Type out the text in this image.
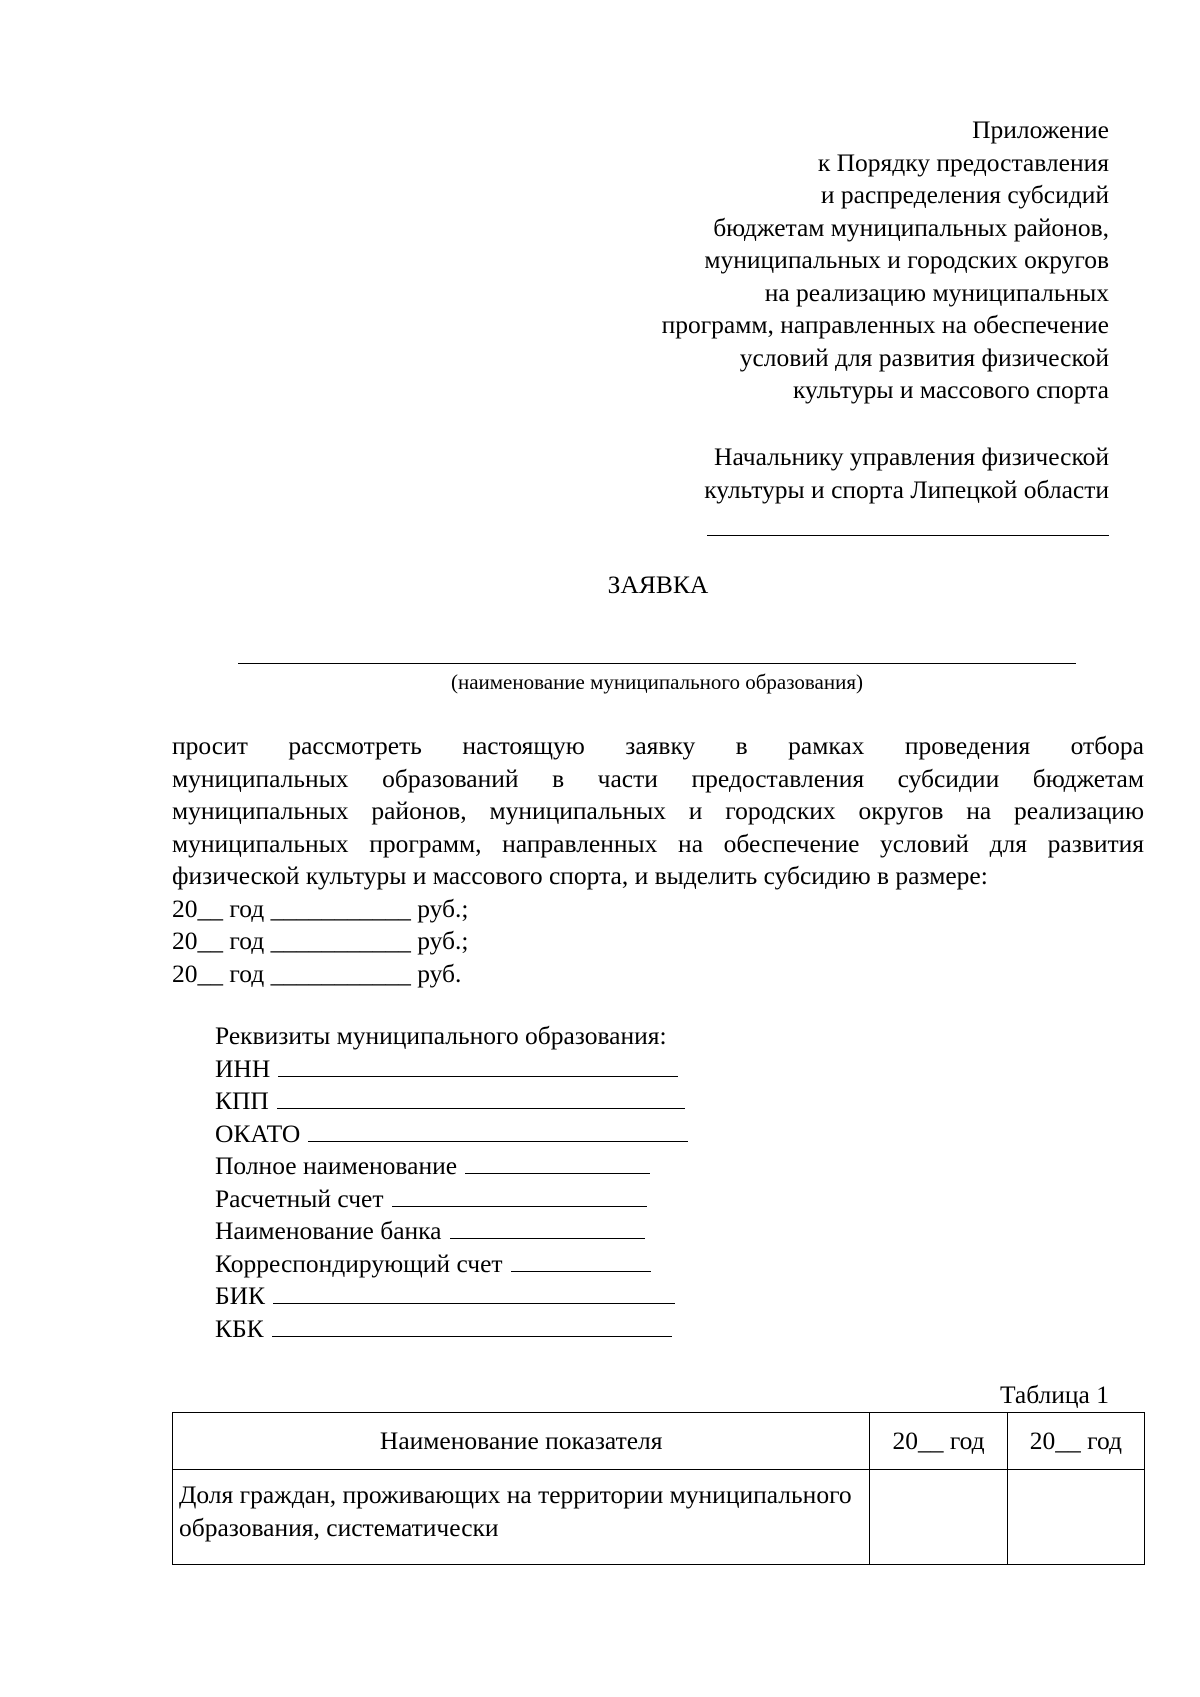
Приложение
к Порядку предоставления
и распределения субсидий
бюджетам муниципальных районов,
муниципальных и городских округов
на реализацию муниципальных
программ, направленных на обеспечение
условий для развития физической
культуры и массового спорта
Начальнику управления физической
культуры и спорта Липецкой области
ЗАЯВКА
(наименование муниципального образования)
просит рассмотреть настоящую заявку в рамках проведения отбора
муниципальных образований в части предоставления субсидии бюджетам
муниципальных районов, муниципальных и городских округов на реализацию
муниципальных программ, направленных на обеспечение условий для развития
физической культуры и массового спорта, и выделить субсидию в размере:
20__ год ___________ руб.;
20__ год ___________ руб.;
20__ год ___________ руб.
Реквизиты муниципального образования:
ИНН
КПП
ОКАТО
Полное наименование
Расчетный счет
Наименование банка
Корреспондирующий счет
БИК
КБК
Таблица 1
Наименование показателя	20__ год	20__ год
Доля граждан, проживающих на территории муниципального образования, систематически		
